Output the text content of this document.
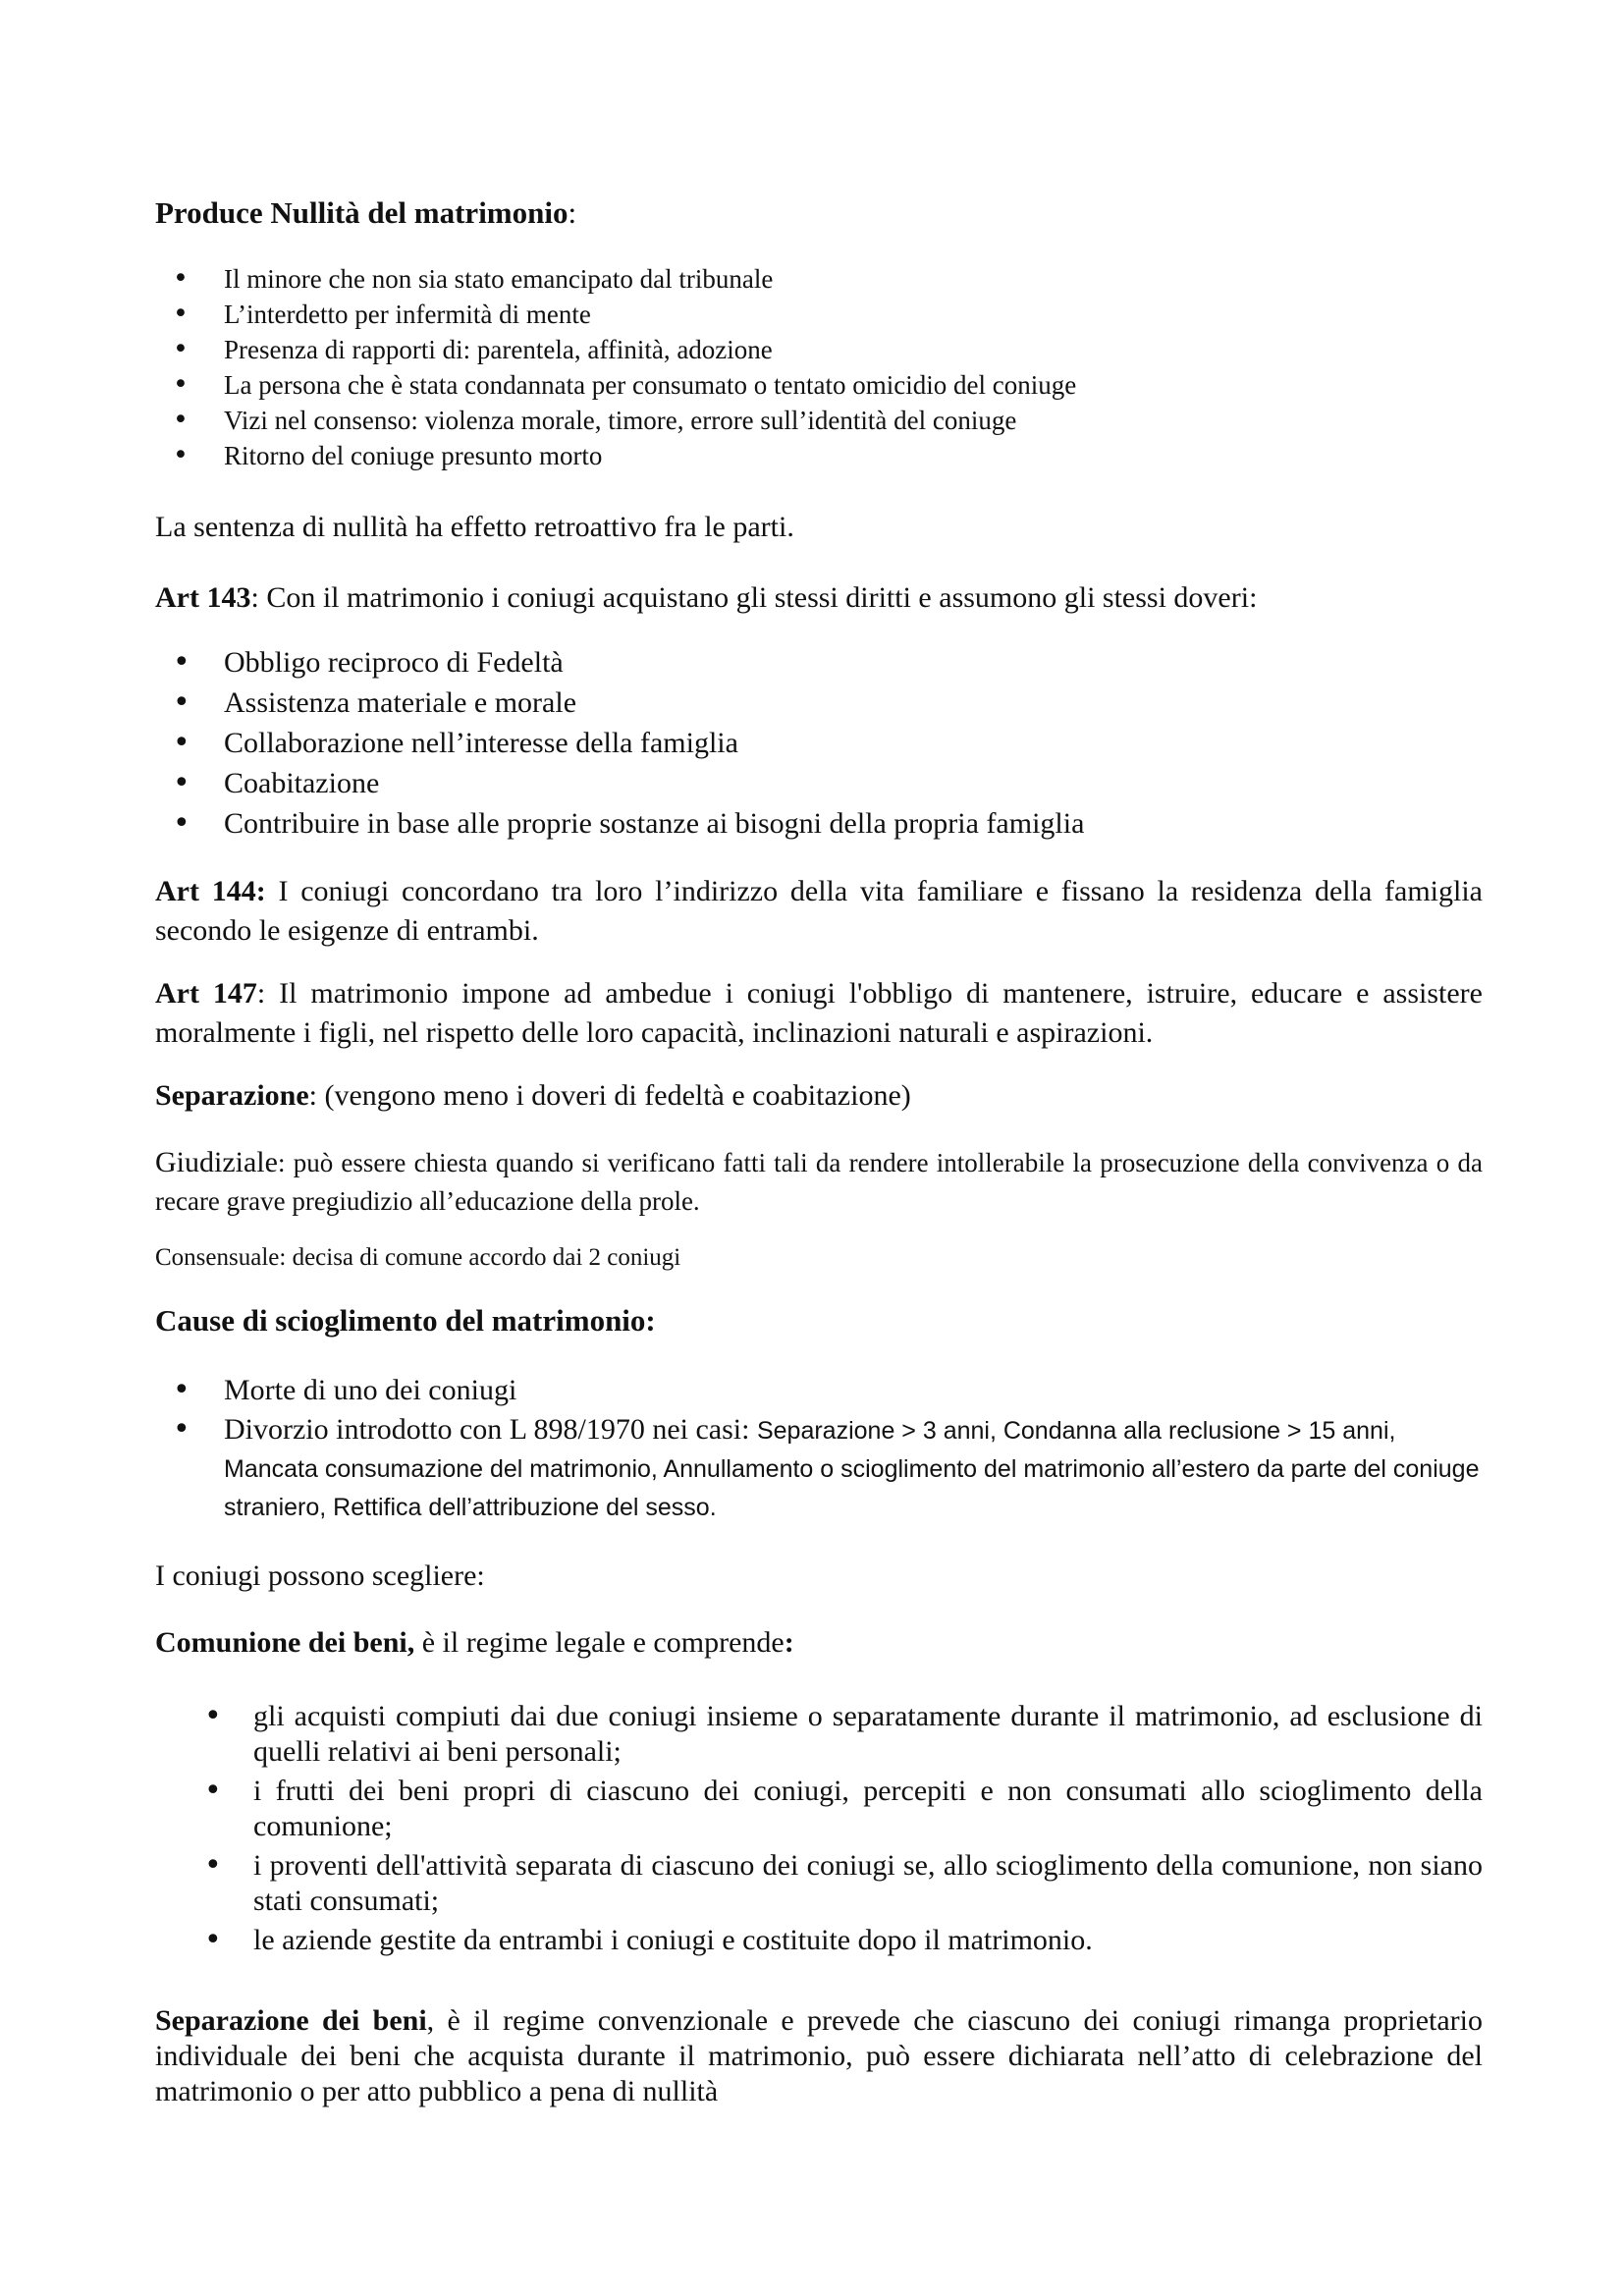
Produce Nullità del matrimonio:

• Il minore che non sia stato emancipato dal tribunale
• L’interdetto per infermità di mente
• Presenza di rapporti di: parentela, affinità, adozione
• La persona che è stata condannata per consumato o tentato omicidio del coniuge
• Vizi nel consenso: violenza morale, timore, errore sull’identità del coniuge
• Ritorno del coniuge presunto morto

La sentenza di nullità ha effetto retroattivo fra le parti.

Art 143: Con il matrimonio i coniugi acquistano gli stessi diritti e assumono gli stessi doveri:

• Obbligo reciproco di Fedeltà
• Assistenza materiale e morale
• Collaborazione nell’interesse della famiglia
• Coabitazione
• Contribuire in base alle proprie sostanze ai bisogni della propria famiglia

Art 144: I coniugi concordano tra loro l’indirizzo della vita familiare e fissano la residenza della famiglia secondo le esigenze di entrambi.

Art 147: Il matrimonio impone ad ambedue i coniugi l'obbligo di mantenere, istruire, educare e assistere moralmente i figli, nel rispetto delle loro capacità, inclinazioni naturali e aspirazioni.

Separazione: (vengono meno i doveri di fedeltà e coabitazione)

Giudiziale: può essere chiesta quando si verificano fatti tali da rendere intollerabile la prosecuzione della convivenza o da recare grave pregiudizio all’educazione della prole.

Consensuale: decisa di comune accordo dai 2 coniugi

Cause di scioglimento del matrimonio:

• Morte di uno dei coniugi
• Divorzio introdotto con L 898/1970 nei casi: Separazione > 3 anni, Condanna alla reclusione > 15 anni, Mancata consumazione del matrimonio, Annullamento o scioglimento del matrimonio all’estero da parte del coniuge straniero, Rettifica dell’attribuzione del sesso.

I coniugi possono scegliere:

Comunione dei beni, è il regime legale e comprende:

• gli acquisti compiuti dai due coniugi insieme o separatamente durante il matrimonio, ad esclusione di quelli relativi ai beni personali;
• i frutti dei beni propri di ciascuno dei coniugi, percepiti e non consumati allo scioglimento della comunione;
• i proventi dell'attività separata di ciascuno dei coniugi se, allo scioglimento della comunione, non siano stati consumati;
• le aziende gestite da entrambi i coniugi e costituite dopo il matrimonio.

Separazione dei beni, è il regime convenzionale e prevede che ciascuno dei coniugi rimanga proprietario individuale dei beni che acquista durante il matrimonio, può essere dichiarata nell’atto di celebrazione del matrimonio o per atto pubblico a pena di nullità
